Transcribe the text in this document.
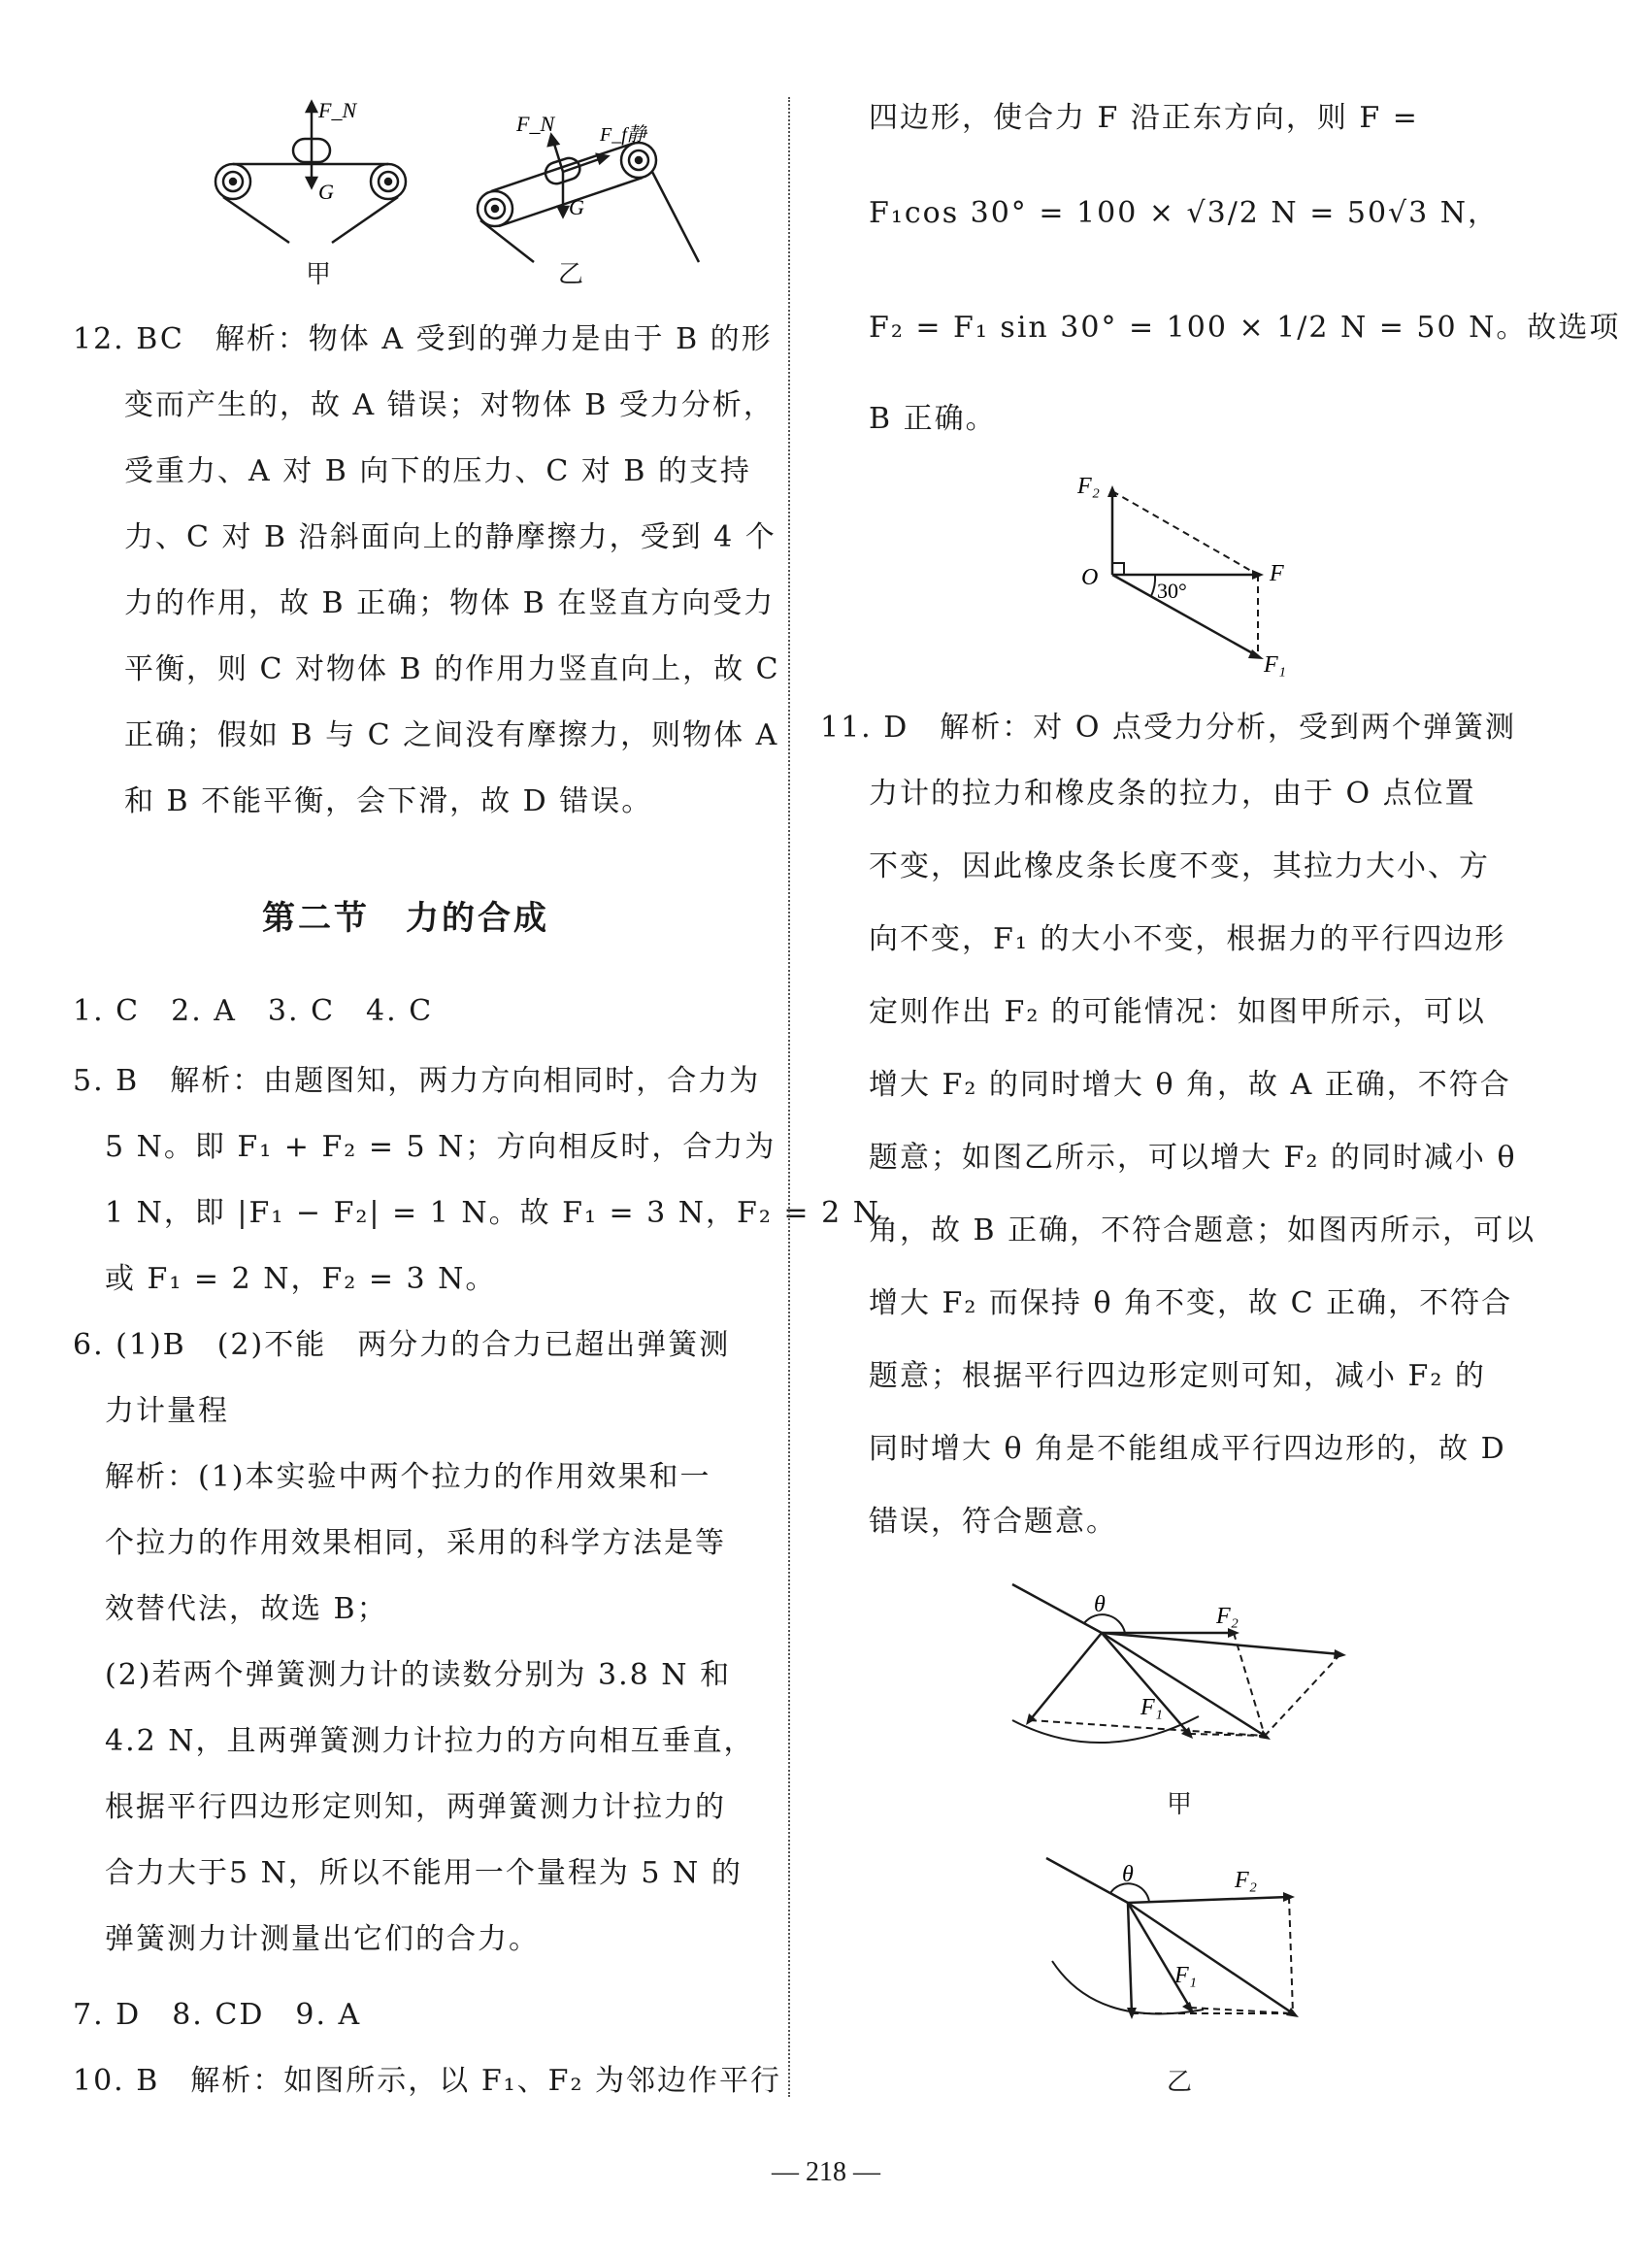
F_N
G
F_N F_f静
G
甲	乙
12. BC　解析：物体 A 受到的弹力是由于 B 的形
变而产生的，故 A 错误；对物体 B 受力分析，
受重力、A 对 B 向下的压力、C 对 B 的支持
力、C 对 B 沿斜面向上的静摩擦力，受到 4 个
力的作用，故 B 正确；物体 B 在竖直方向受力
平衡，则 C 对物体 B 的作用力竖直向上，故 C
正确；假如 B 与 C 之间没有摩擦力，则物体 A
和 B 不能平衡，会下滑，故 D 错误。
第二节　力的合成
1. C　2. A　3. C　4. C
5. B　解析：由题图知，两力方向相同时，合力为
5 N。即 F₁ + F₂ = 5 N；方向相反时，合力为
1 N，即 |F₁ − F₂| = 1 N。故 F₁ = 3 N，F₂ = 2 N
或 F₁ = 2 N，F₂ = 3 N。
6. (1)B　(2)不能　两分力的合力已超出弹簧测
力计量程
解析：(1)本实验中两个拉力的作用效果和一
个拉力的作用效果相同，采用的科学方法是等
效替代法，故选 B；
(2)若两个弹簧测力计的读数分别为 3.8 N 和
4.2 N，且两弹簧测力计拉力的方向相互垂直，
根据平行四边形定则知，两弹簧测力计拉力的
合力大于5 N，所以不能用一个量程为 5 N 的
弹簧测力计测量出它们的合力。
7. D　8. CD　9. A
10. B　解析：如图所示，以 F₁、F₂ 为邻边作平行
四边形，使合力 F 沿正东方向，则 F =
F₁cos 30° = 100 × √3/2 N = 50√3 N，
F₂ = F₁ sin 30° = 100 × 1/2 N = 50 N。故选项
B 正确。
F₂
O
30°
F
F₁
11. D　解析：对 O 点受力分析，受到两个弹簧测
力计的拉力和橡皮条的拉力，由于 O 点位置
不变，因此橡皮条长度不变，其拉力大小、方
向不变，F₁ 的大小不变，根据力的平行四边形
定则作出 F₂ 的可能情况：如图甲所示，可以
增大 F₂ 的同时增大 θ 角，故 A 正确，不符合
题意；如图乙所示，可以增大 F₂ 的同时减小 θ
角，故 B 正确，不符合题意；如图丙所示，可以
增大 F₂ 而保持 θ 角不变，故 C 正确，不符合
题意；根据平行四边形定则可知，减小 F₂ 的
同时增大 θ 角是不能组成平行四边形的，故 D
错误，符合题意。
θ	F₂
F₁
甲
θ	F₂
F₁
乙
— 218 —
